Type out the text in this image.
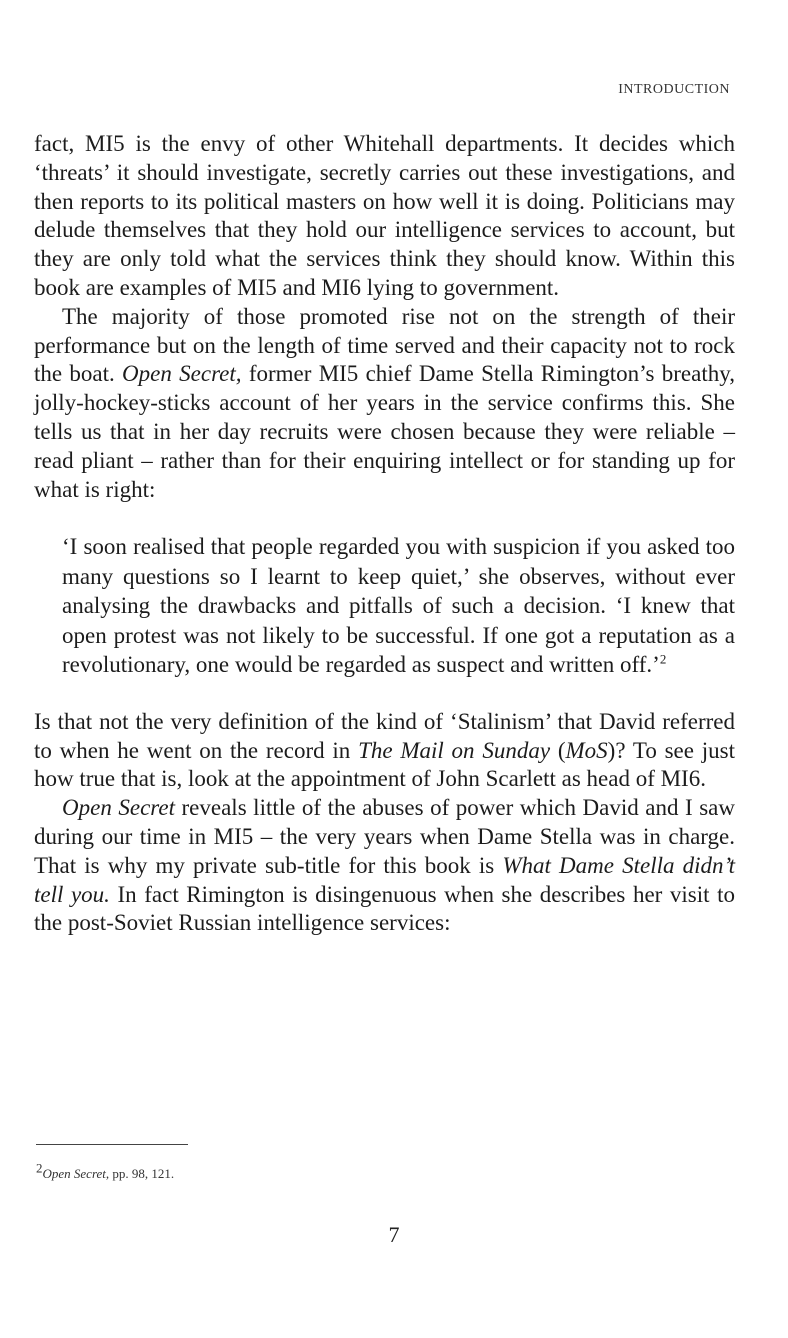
INTRODUCTION

fact, MI5 is the envy of other Whitehall departments. It decides which ‘threats’ it should investigate, secretly carries out these investigations, and then reports to its political masters on how well it is doing. Politicians may delude themselves that they hold our intelligence services to account, but they are only told what the services think they should know. Within this book are examples of MI5 and MI6 lying to government.

The majority of those promoted rise not on the strength of their performance but on the length of time served and their capacity not to rock the boat. Open Secret, former MI5 chief Dame Stella Rimington’s breathy, jolly-hockey-sticks account of her years in the service confirms this. She tells us that in her day recruits were chosen because they were reliable – read pliant – rather than for their enquiring intellect or for standing up for what is right:

‘I soon realised that people regarded you with suspicion if you asked too many questions so I learnt to keep quiet,’ she observes, without ever analysing the drawbacks and pitfalls of such a decision. ‘I knew that open protest was not likely to be successful. If one got a reputation as a revolutionary, one would be regarded as suspect and written off.’$^2$

Is that not the very definition of the kind of ‘Stalinism’ that David referred to when he went on the record in The Mail on Sunday (MoS)? To see just how true that is, look at the appointment of John Scarlett as head of MI6.

Open Secret reveals little of the abuses of power which David and I saw during our time in MI5 – the very years when Dame Stella was in charge. That is why my private sub-title for this book is What Dame Stella didn’t tell you. In fact Rimington is disingenuous when she describes her visit to the post-Soviet Russian intelligence services:

$^2$Open Secret, pp. 98, 121.
7
